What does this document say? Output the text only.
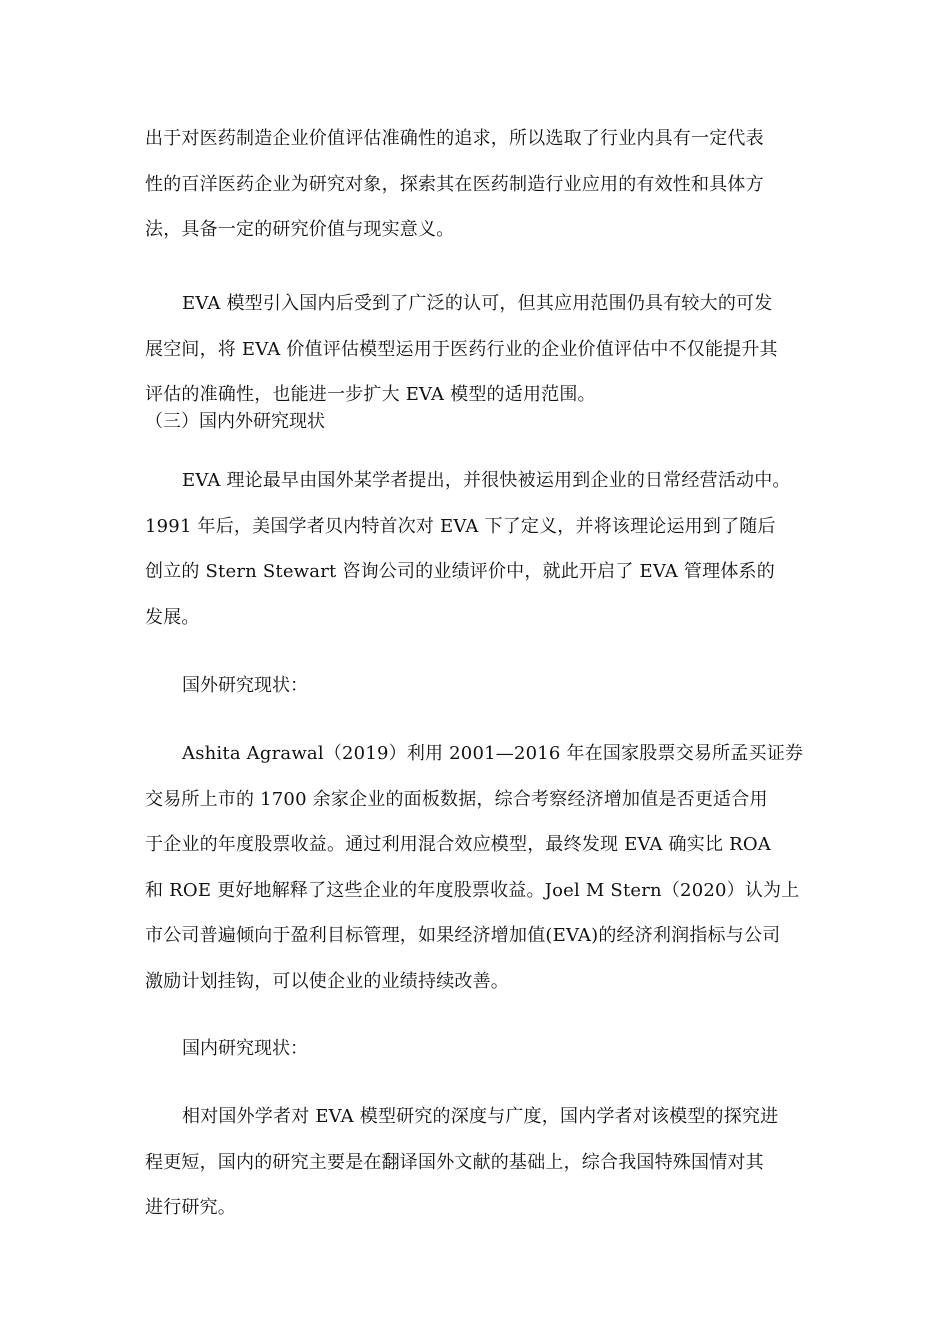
出于对医药制造企业价值评估准确性的追求，所以选取了行业内具有一定代表
性的百洋医药企业为研究对象，探索其在医药制造行业应用的有效性和具体方
法，具备一定的研究价值与现实意义。
EVA 模型引入国内后受到了广泛的认可，但其应用范围仍具有较大的可发
展空间，将 EVA 价值评估模型运用于医药行业的企业价值评估中不仅能提升其
评估的准确性，也能进一步扩大 EVA 模型的适用范围。
（三）国内外研究现状
EVA 理论最早由国外某学者提出，并很快被运用到企业的日常经营活动中。
1991 年后，美国学者贝内特首次对 EVA 下了定义，并将该理论运用到了随后
创立的 Stern Stewart 咨询公司的业绩评价中，就此开启了 EVA 管理体系的
发展。
国外研究现状：
Ashita Agrawal（2019）利用 2001—2016 年在国家股票交易所孟买证券
交易所上市的 1700 余家企业的面板数据，综合考察经济增加值是否更适合用
于企业的年度股票收益。通过利用混合效应模型，最终发现 EVA 确实比 ROA
和 ROE 更好地解释了这些企业的年度股票收益。Joel M Stern（2020）认为上
市公司普遍倾向于盈利目标管理，如果经济增加值(EVA)的经济利润指标与公司
激励计划挂钩，可以使企业的业绩持续改善。
国内研究现状：
相对国外学者对 EVA 模型研究的深度与广度，国内学者对该模型的探究进
程更短，国内的研究主要是在翻译国外文献的基础上，综合我国特殊国情对其
进行研究。
